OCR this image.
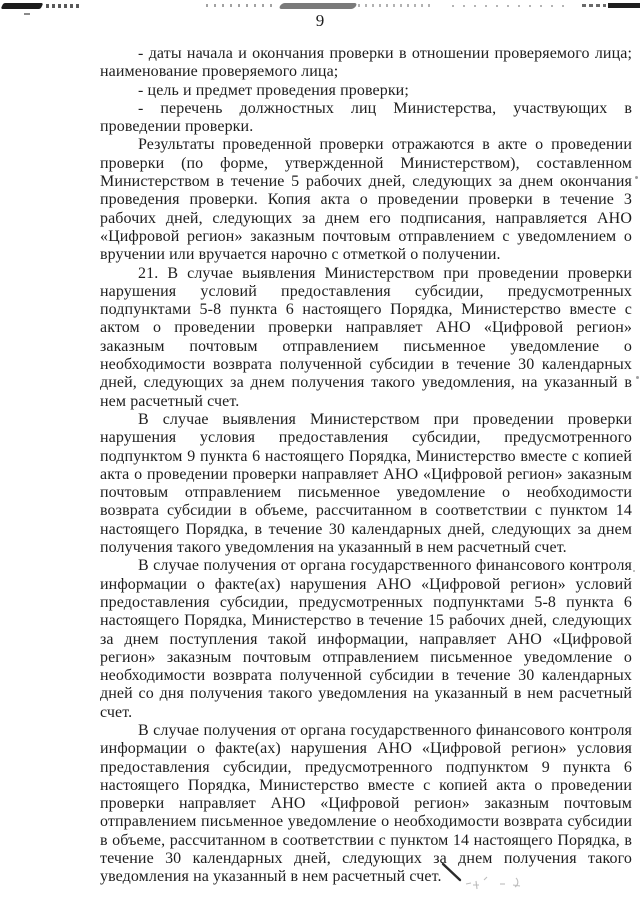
9

- даты начала и окончания проверки в отношении проверяемого лица; наименование проверяемого лица;

- цель и предмет проведения проверки;

- перечень должностных лиц Министерства, участвующих в проведении проверки.

Результаты проведенной проверки отражаются в акте о проведении проверки (по форме, утвержденной Министерством), составленном Министерством в течение 5 рабочих дней, следующих за днем окончания проведения проверки. Копия акта о проведении проверки в течение 3 рабочих дней, следующих за днем его подписания, направляется АНО «Цифровой регион» заказным почтовым отправлением с уведомлением о вручении или вручается нарочно с отметкой о получении.

21. В случае выявления Министерством при проведении проверки нарушения условий предоставления субсидии, предусмотренных подпунктами 5-8 пункта 6 настоящего Порядка, Министерство вместе с актом о проведении проверки направляет АНО «Цифровой регион» заказным почтовым отправлением письменное уведомление о необходимости возврата полученной субсидии в течение 30 календарных дней, следующих за днем получения такого уведомления, на указанный в нем расчетный счет.

В случае выявления Министерством при проведении проверки нарушения условия предоставления субсидии, предусмотренного подпунктом 9 пункта 6 настоящего Порядка, Министерство вместе с копией акта о проведении проверки направляет АНО «Цифровой регион» заказным почтовым отправлением письменное уведомление о необходимости возврата субсидии в объеме, рассчитанном в соответствии с пунктом 14 настоящего Порядка, в течение 30 календарных дней, следующих за днем получения такого уведомления на указанный в нем расчетный счет.

В случае получения от органа государственного финансового контроля информации о факте(ах) нарушения АНО «Цифровой регион» условий предоставления субсидии, предусмотренных подпунктами 5-8 пункта 6 настоящего Порядка, Министерство в течение 15 рабочих дней, следующих за днем поступления такой информации, направляет АНО «Цифровой регион» заказным почтовым отправлением письменное уведомление о необходимости возврата полученной субсидии в течение 30 календарных дней со дня получения такого уведомления на указанный в нем расчетный счет.

В случае получения от органа государственного финансового контроля информации о факте(ах) нарушения АНО «Цифровой регион» условия предоставления субсидии, предусмотренного подпунктом 9 пункта 6 настоящего Порядка, Министерство вместе с копией акта о проведении проверки направляет АНО «Цифровой регион» заказным почтовым отправлением письменное уведомление о необходимости возврата субсидии в объеме, рассчитанном в соответствии с пунктом 14 настоящего Порядка, в течение 30 календарных дней, следующих за днем получения такого уведомления на указанный в нем расчетный счет.
